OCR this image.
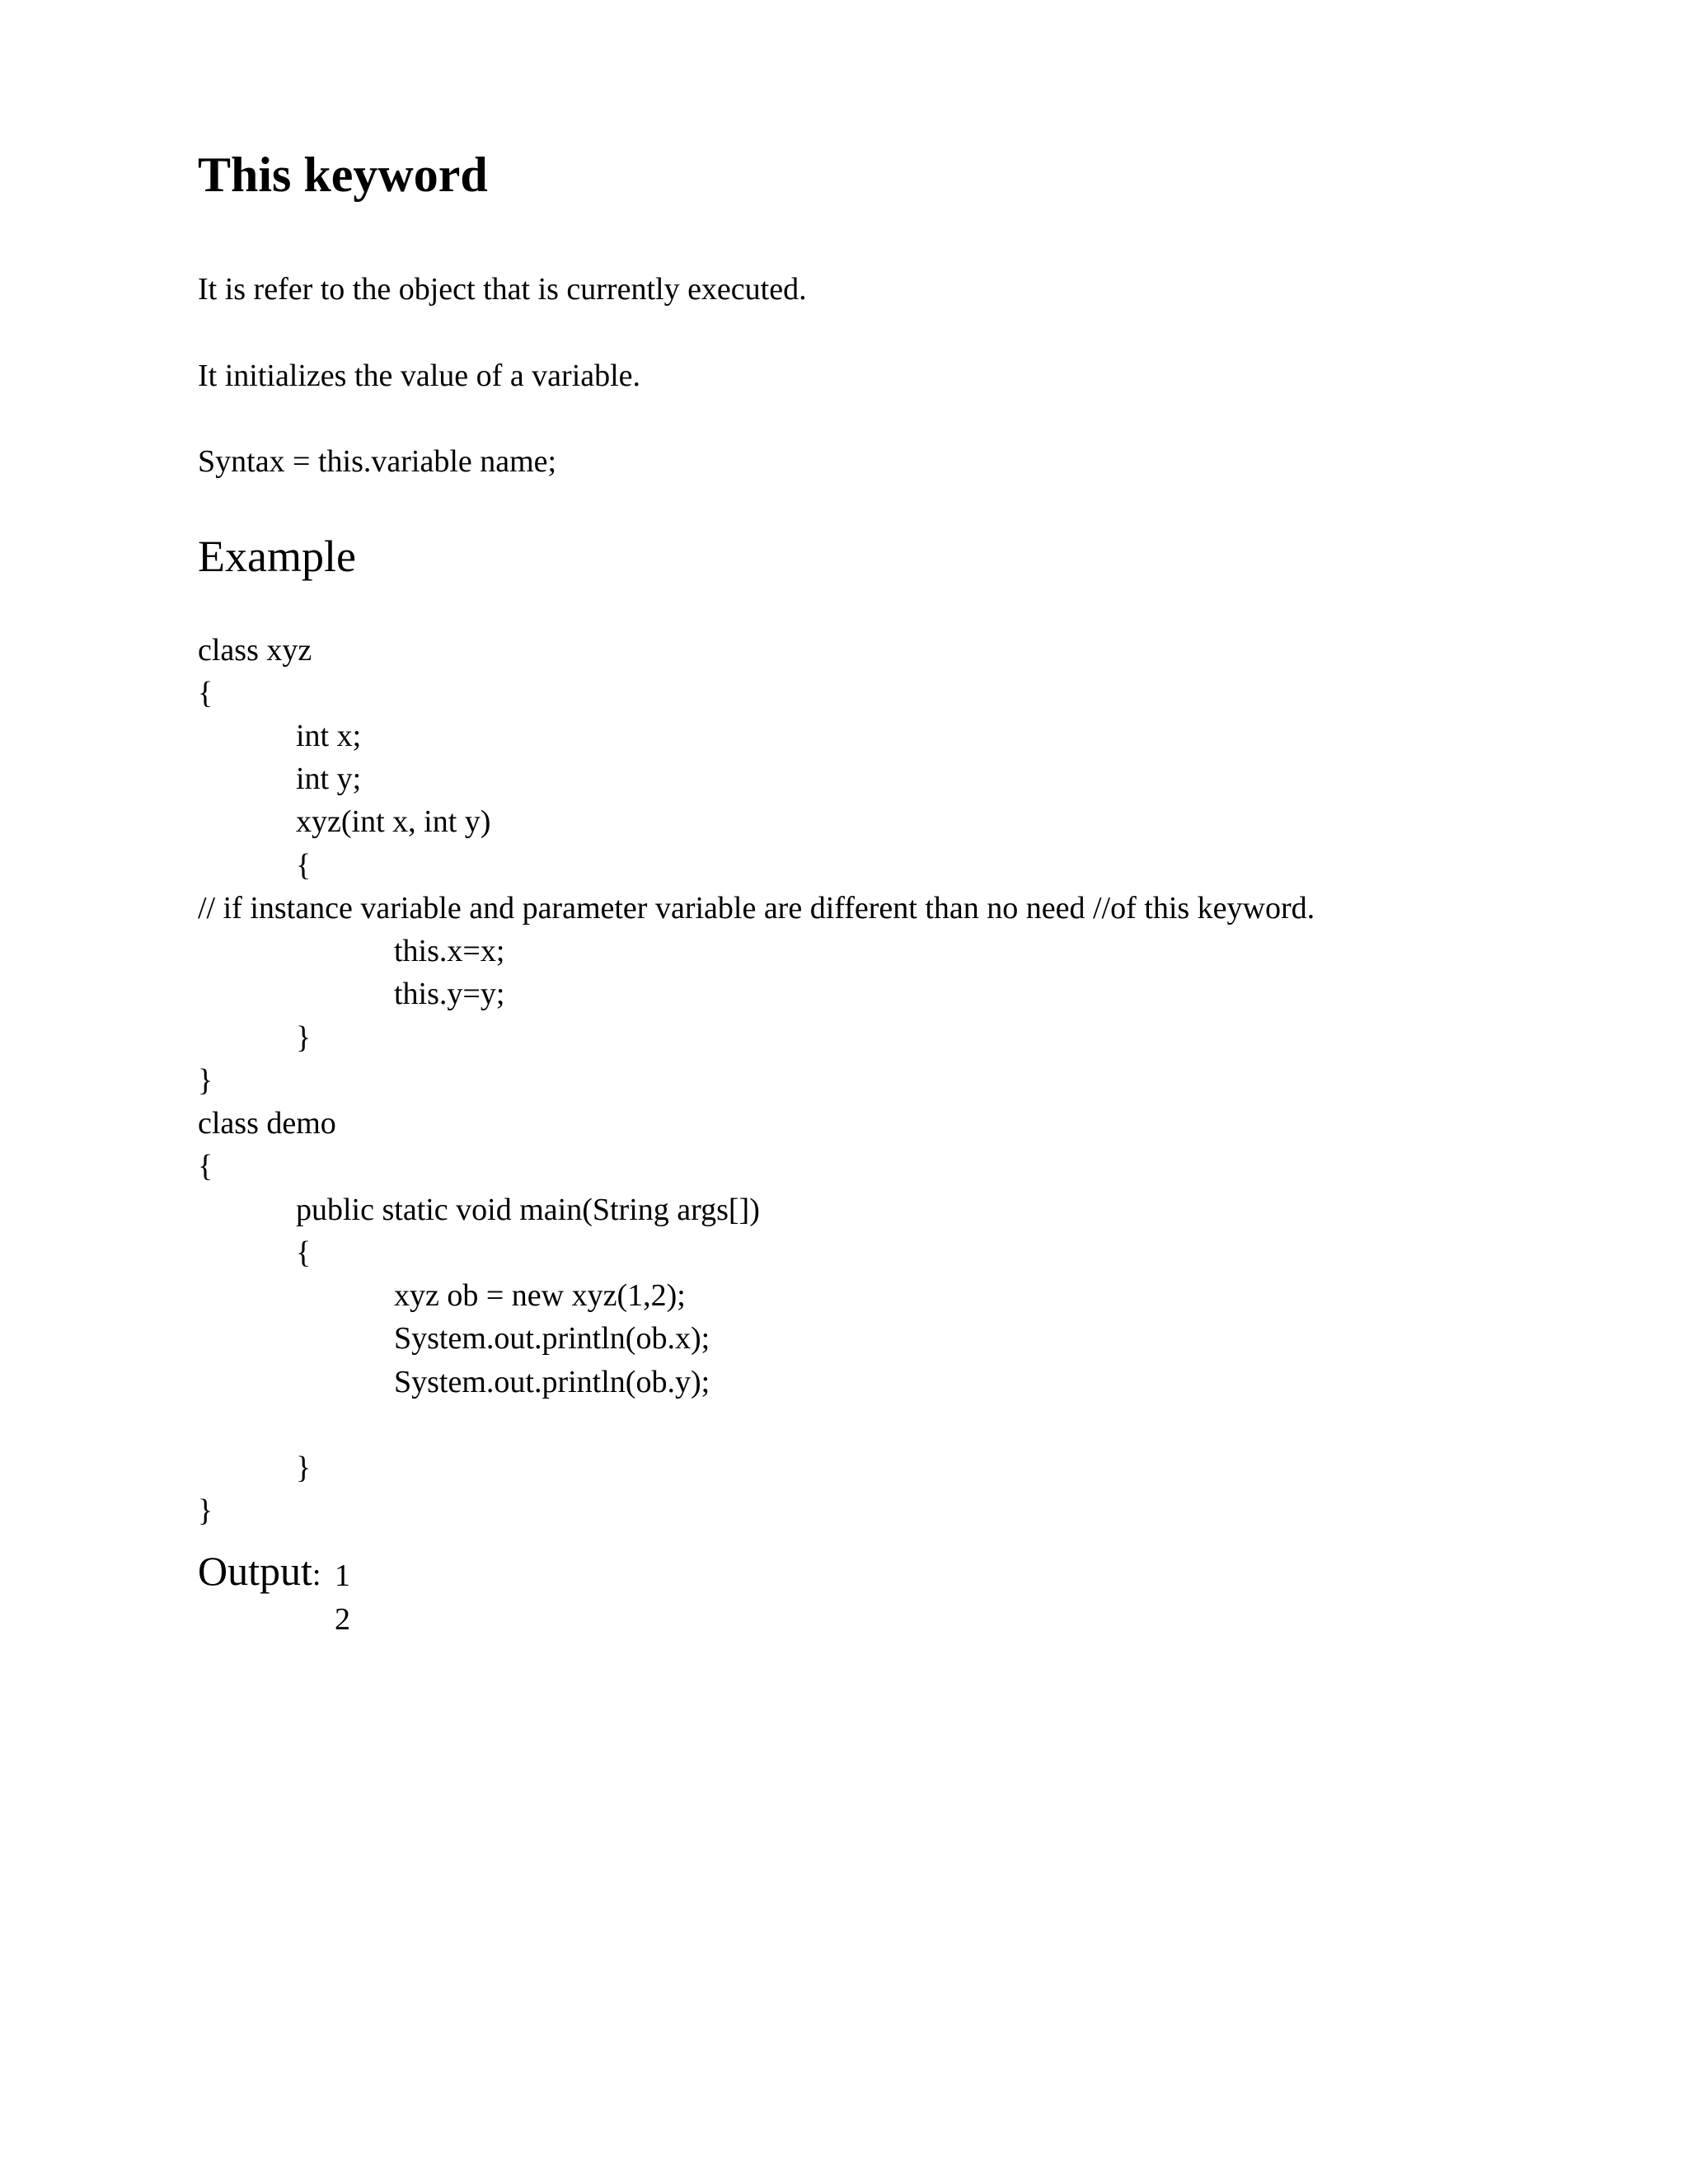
This keyword
It is refer to the object that is currently executed.
It initializes the value of a variable.
Syntax = this.variable name;
Example
class xyz
{
int x;
int y;
xyz(int x, int y)
{
// if instance variable and parameter variable are different than no need //of this keyword.
this.x=x;
this.y=y;
}
}
class demo
{
public static void main(String args[])
{
xyz ob = new xyz(1,2);
System.out.println(ob.x);
System.out.println(ob.y);
}
}
Output: 1
2
